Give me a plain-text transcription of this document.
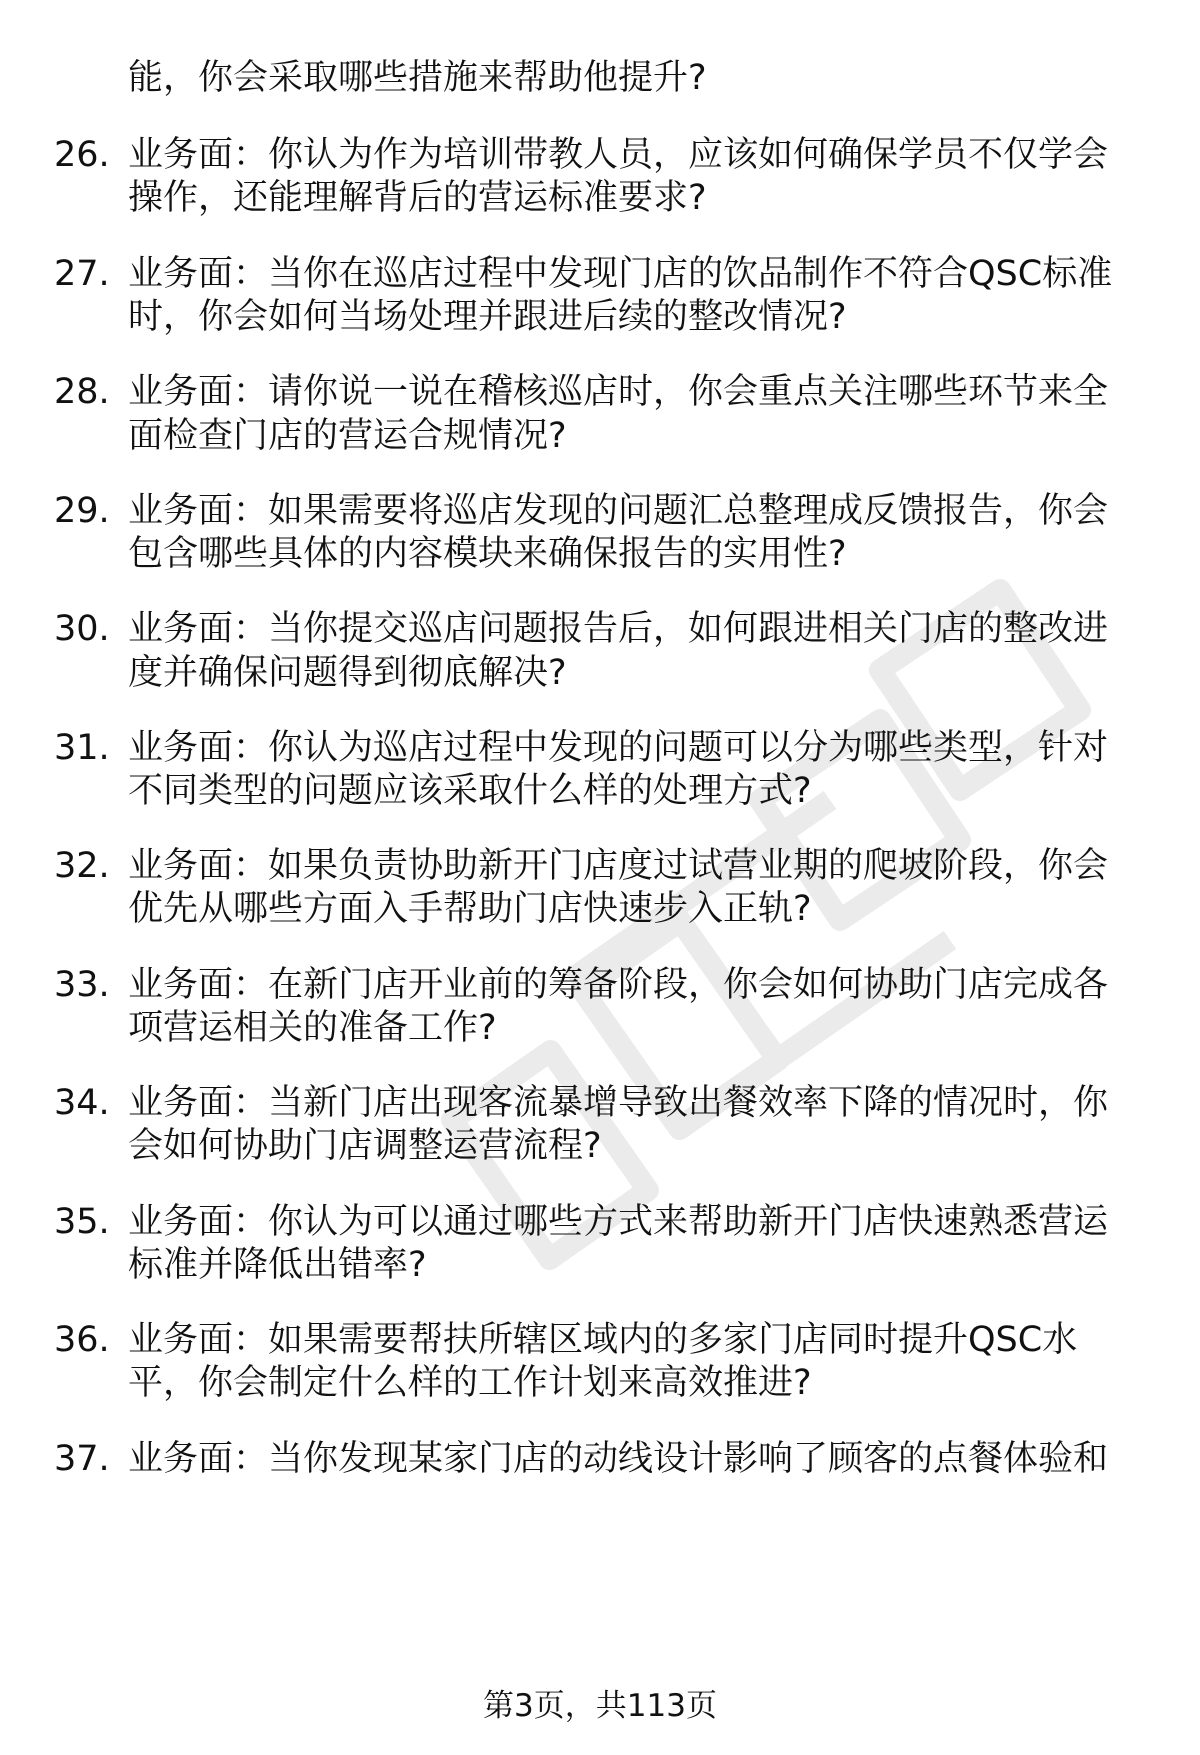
能，你会采取哪些措施来帮助他提升?
26. 业务面：你认为作为培训带教人员，应该如何确保学员不仅学会
操作，还能理解背后的营运标准要求?
27. 业务面：当你在巡店过程中发现门店的饮品制作不符合QSC标准
时，你会如何当场处理并跟进后续的整改情况?
28. 业务面：请你说一说在稽核巡店时，你会重点关注哪些环节来全
面检查门店的营运合规情况?
29. 业务面：如果需要将巡店发现的问题汇总整理成反馈报告，你会
包含哪些具体的内容模块来确保报告的实用性?
30. 业务面：当你提交巡店问题报告后，如何跟进相关门店的整改进
度并确保问题得到彻底解决?
31. 业务面：你认为巡店过程中发现的问题可以分为哪些类型，针对
不同类型的问题应该采取什么样的处理方式?
32. 业务面：如果负责协助新开门店度过试营业期的爬坡阶段，你会
优先从哪些方面入手帮助门店快速步入正轨?
33. 业务面：在新门店开业前的筹备阶段，你会如何协助门店完成各
项营运相关的准备工作?
34. 业务面：当新门店出现客流暴增导致出餐效率下降的情况时，你
会如何协助门店调整运营流程?
35. 业务面：你认为可以通过哪些方式来帮助新开门店快速熟悉营运
标准并降低出错率?
36. 业务面：如果需要帮扶所辖区域内的多家门店同时提升QSC水
平，你会制定什么样的工作计划来高效推进?
37. 业务面：当你发现某家门店的动线设计影响了顾客的点餐体验和
第3页，共113页
